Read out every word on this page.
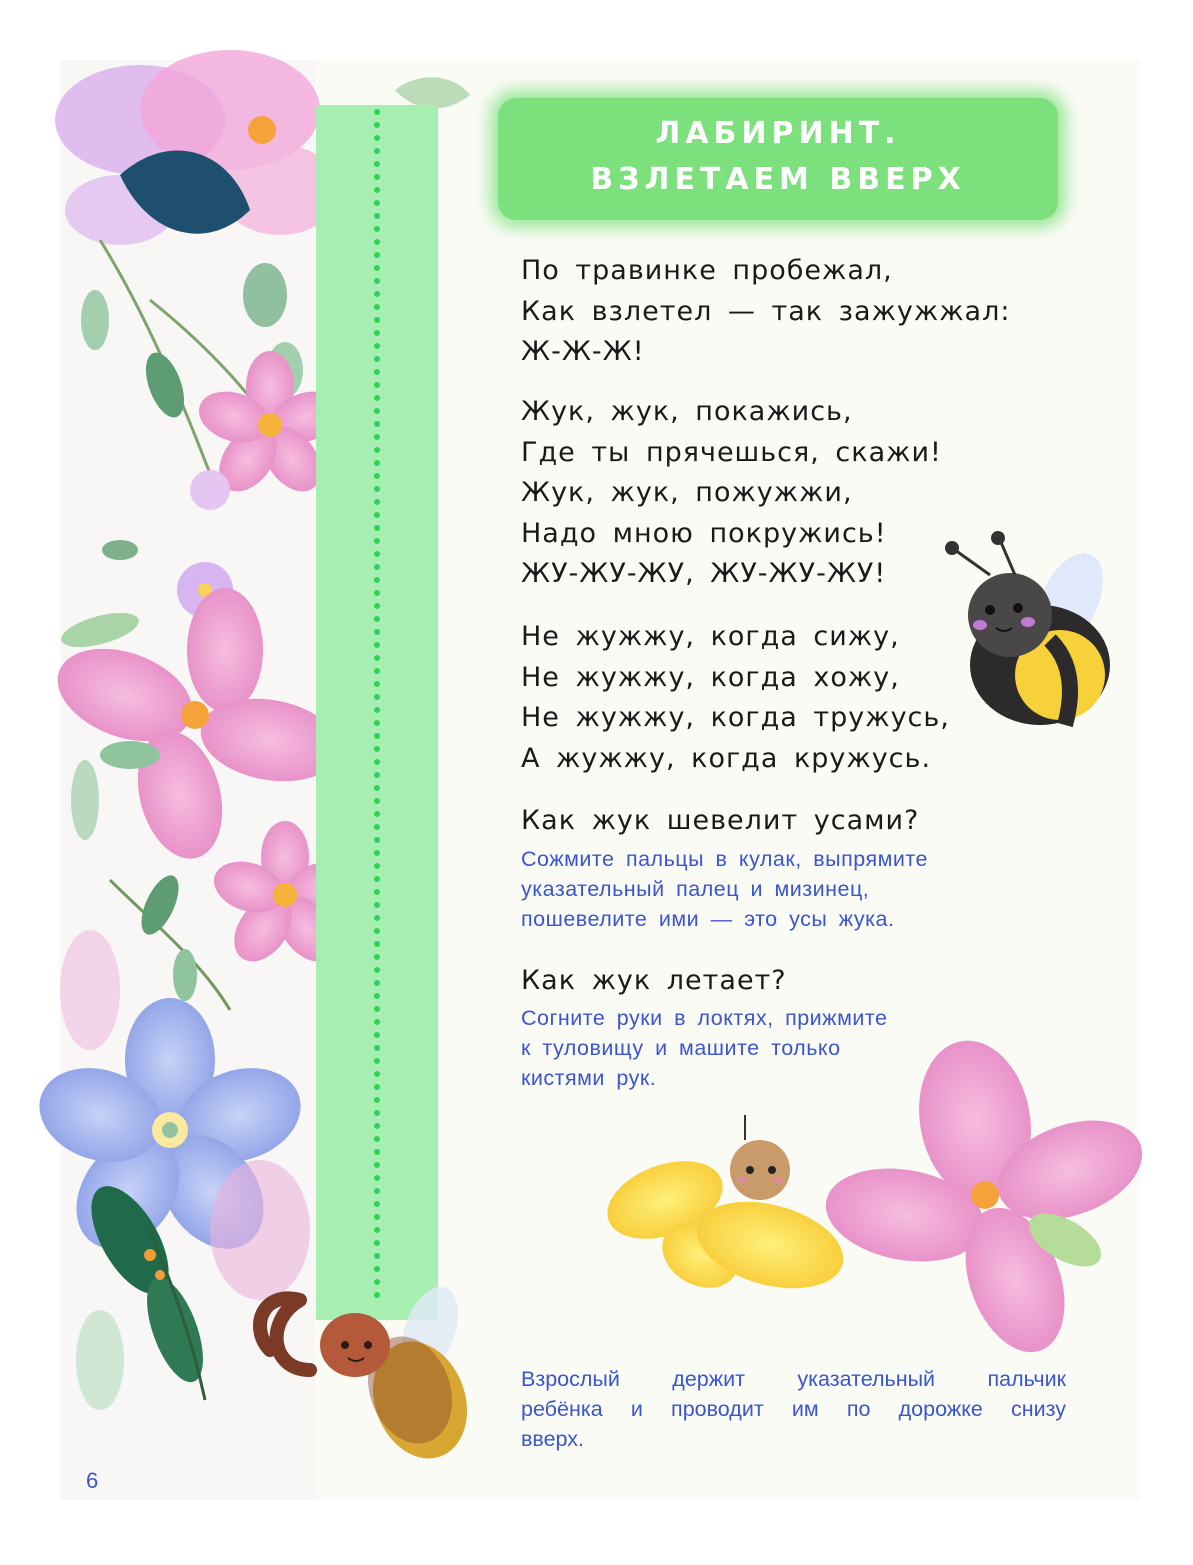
ЛАБИРИНТ.
ВЗЛЕТАЕМ ВВЕРХ
По травинке пробежал,
Как взлетел — так зажужжал:
Ж-Ж-Ж!
Жук, жук, покажись,
Где ты прячешься, скажи!
Жук, жук, пожужжи,
Надо мною покружись!
ЖУ-ЖУ-ЖУ, ЖУ-ЖУ-ЖУ!
Не жужжу, когда сижу,
Не жужжу, когда хожу,
Не жужжу, когда тружусь,
А жужжу, когда кружусь.
Как жук шевелит усами?
Сожмите пальцы в кулак, выпрямите
указательный палец и мизинец,
пошевелите ими — это усы жука.
Как жук летает?
Согните руки в локтях, прижмите
к туловищу и машите только
кистями рук.
Взрослый держит указательный пальчик
ребёнка и проводит им по дорожке снизу
вверх.
6
